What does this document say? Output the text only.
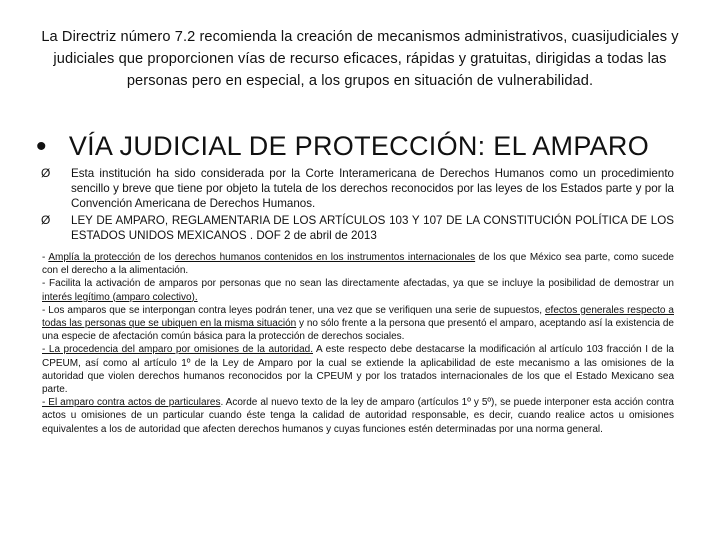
La Directriz número 7.2 recomienda la creación de mecanismos administrativos, cuasijudiciales y judiciales que proporcionen vías de recurso eficaces, rápidas y gratuitas, dirigidas a todas las personas pero en especial, a los grupos en situación de vulnerabilidad.
• VÍA JUDICIAL DE PROTECCIÓN: EL AMPARO
Ø	Esta institución ha sido considerada por la Corte Interamericana de Derechos Humanos como un procedimiento sencillo y breve que tiene por objeto la tutela de los derechos reconocidos por las leyes de los Estados parte y por la Convención Americana de Derechos Humanos.
Ø	LEY DE AMPARO, REGLAMENTARIA DE LOS ARTÍCULOS 103 Y 107 DE LA CONSTITUCIÓN POLÍTICA DE LOS ESTADOS UNIDOS MEXICANOS . DOF 2 de abril de 2013

- Amplía la protección de los derechos humanos contenidos en los instrumentos internacionales de los que México sea parte, como sucede con el derecho a la alimentación.

- Facilita la activación de amparos por personas que no sean las directamente afectadas, ya que se incluye la posibilidad de demostrar un interés legítimo (amparo colectivo).

- Los amparos que se interpongan contra leyes podrán tener, una vez que se verifiquen una serie de supuestos, efectos generales respecto a todas las personas que se ubiquen en la misma situación y no sólo frente a la persona que presentó el amparo, aceptando así la existencia de una especie de afectación común básica para la protección de derechos sociales.

- La procedencia del amparo por omisiones de la autoridad. A este respecto debe destacarse la modificación al artículo 103 fracción I de la CPEUM, así como al artículo 1º de la Ley de Amparo por la cual se extiende la aplicabilidad de este mecanismo a las omisiones de la autoridad que violen derechos humanos reconocidos por la CPEUM y por los tratados internacionales de los que el Estado Mexicano sea parte.

- El amparo contra actos de particulares. Acorde al nuevo texto de la ley de amparo (artículos 1º y 5º), se puede interponer esta acción contra actos u omisiones de un particular cuando éste tenga la calidad de autoridad responsable, es decir, cuando realice actos u omisiones equivalentes a los de autoridad que afecten derechos humanos y cuyas funciones estén determinadas por una norma general.
